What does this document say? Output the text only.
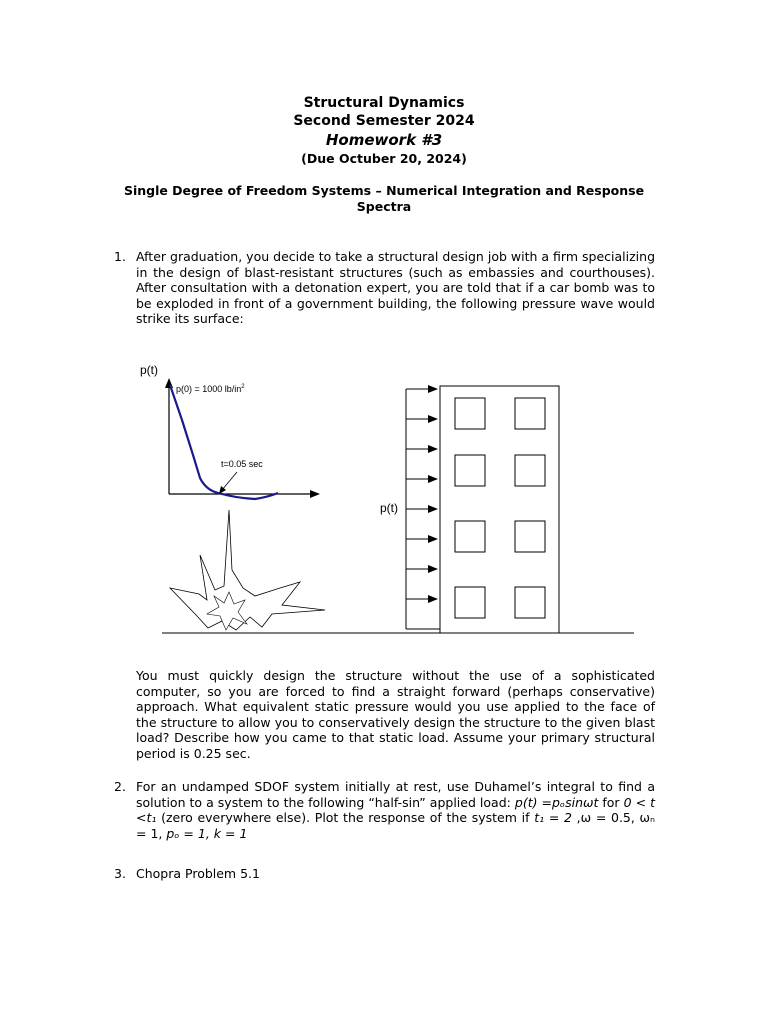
Structural Dynamics
Second Semester 2024
Homework #3
(Due Octuber 20, 2024)
Single Degree of Freedom Systems – Numerical Integration and Response Spectra
1. After graduation, you decide to take a structural design job with a firm specializing in the design of blast-resistant structures (such as embassies and courthouses). After consultation with a detonation expert, you are told that if a car bomb was to be exploded in front of a government building, the following pressure wave would strike its surface:
p(t)
p(0) = 1000 $lb/in^2$
t=0.05 sec
p(t)
You must quickly design the structure without the use of a sophisticated computer, so you are forced to find a straight forward (perhaps conservative) approach. What equivalent static pressure would you use applied to the face of the structure to allow you to conservatively design the structure to the given blast load? Describe how you came to that static load. Assume your primary structural period is 0.25 sec.
2. For an undamped SDOF system initially at rest, use Duhamel’s integral to find a solution to a system to the following “half-sin” applied load: p(t) =pₒsinωt for 0 < t <t₁ (zero everywhere else). Plot the response of the system if t₁ = 2 ,ω = 0.5, ωₙ = 1, pₒ = 1, k = 1
3. Chopra Problem 5.1
